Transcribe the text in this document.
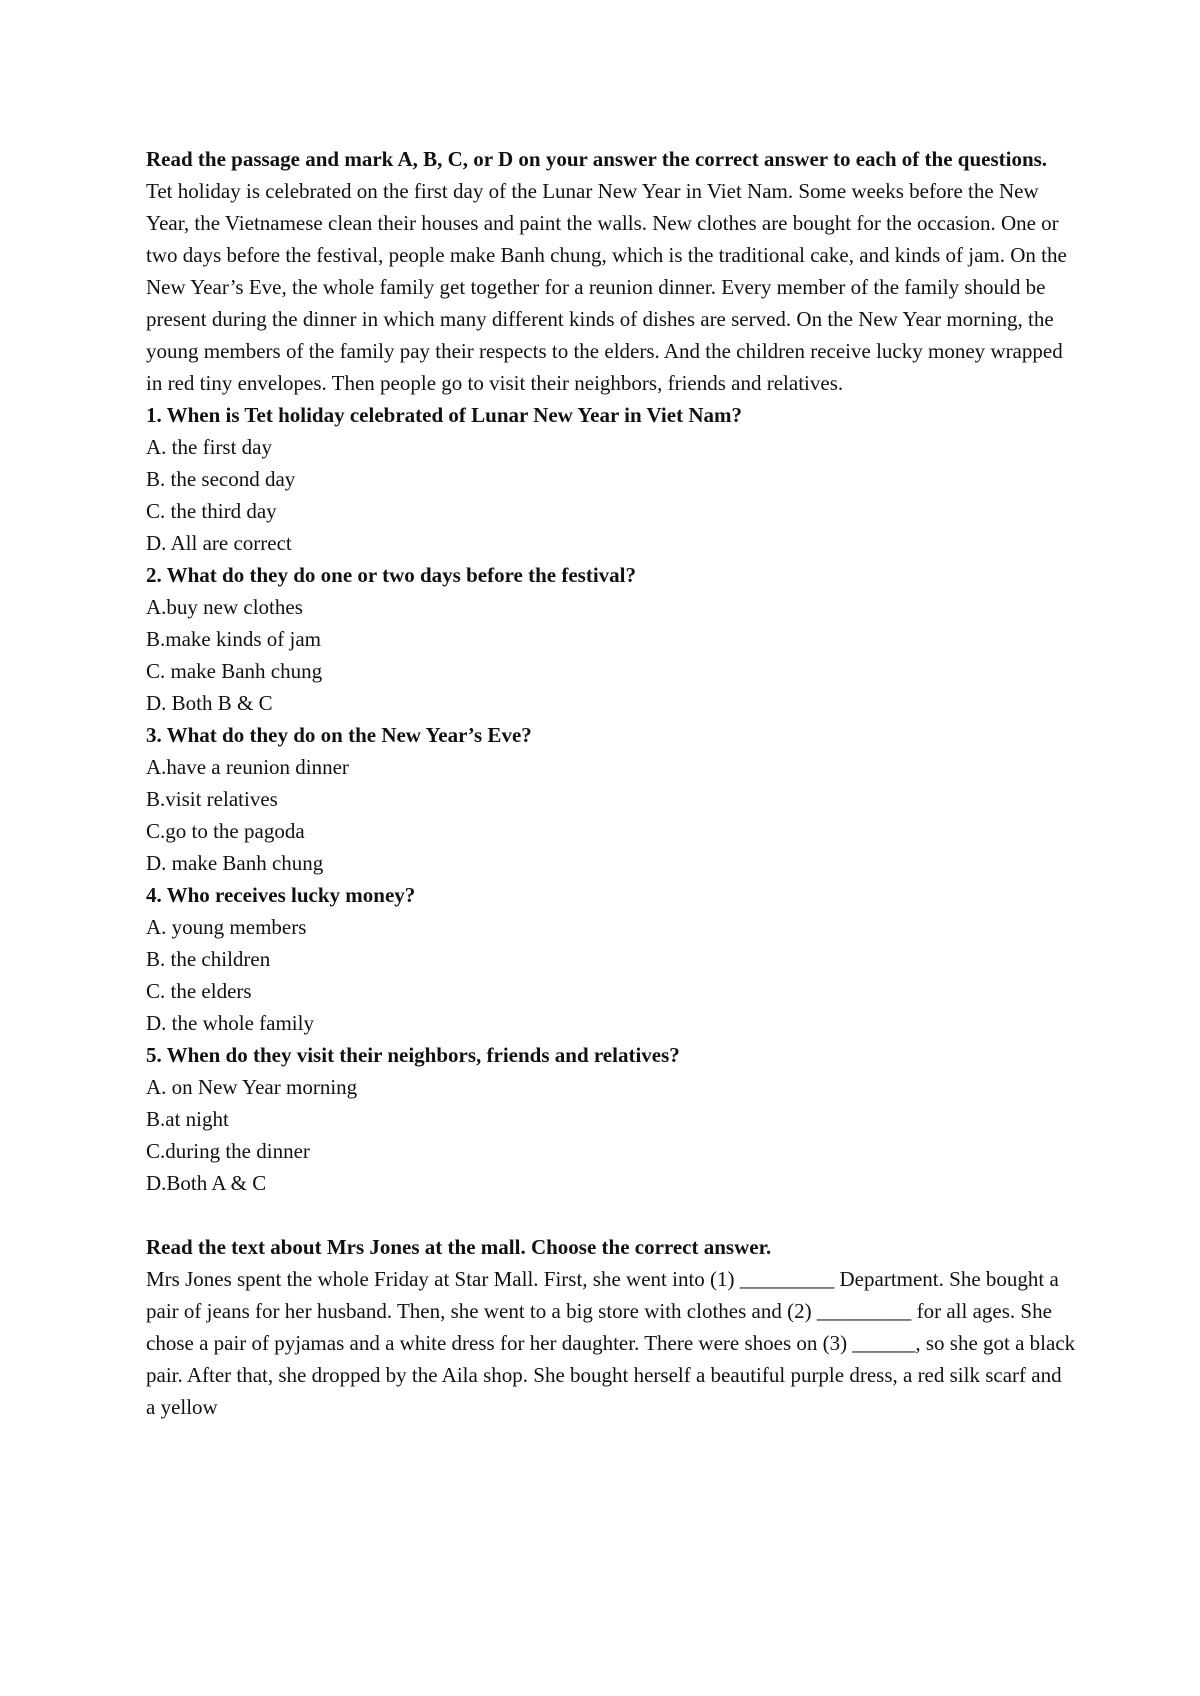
Read the passage and mark A, B, C, or D on your answer the correct answer to each of the questions.
Tet holiday is celebrated on the first day of the Lunar New Year in Viet Nam. Some weeks before the New Year, the Vietnamese clean their houses and paint the walls. New clothes are bought for the occasion. One or two days before the festival, people make Banh chung, which is the traditional cake, and kinds of jam. On the New Year’s Eve, the whole family get together for a reunion dinner. Every member of the family should be present during the dinner in which many different kinds of dishes are served. On the New Year morning, the young members of the family pay their respects to the elders. And the children receive lucky money wrapped in red tiny envelopes. Then people go to visit their neighbors, friends and relatives.
1. When is Tet holiday celebrated of Lunar New Year in Viet Nam?
A. the first day
B. the second day
C. the third day
D. All are correct
2. What do they do one or two days before the festival?
A.buy new clothes
B.make kinds of jam
C. make Banh chung
D. Both B & C
3. What do they do on the New Year’s Eve?
A.have a reunion dinner
B.visit relatives
C.go to the pagoda
D. make Banh chung
4. Who receives lucky money?
A. young members
B. the children
C. the elders
D. the whole family
5. When do they visit their neighbors, friends and relatives?
A. on New Year morning
B.at night
C.during the dinner
D.Both A & C
Read the text about Mrs Jones at the mall. Choose the correct answer.
Mrs Jones spent the whole Friday at Star Mall. First, she went into (1) _________ Department. She bought a pair of jeans for her husband. Then, she went to a big store with clothes and (2) _________ for all ages. She chose a pair of pyjamas and a white dress for her daughter. There were shoes on (3) ______, so she got a black pair. After that, she dropped by the Aila shop. She bought herself a beautiful purple dress, a red silk scarf and a yellow
